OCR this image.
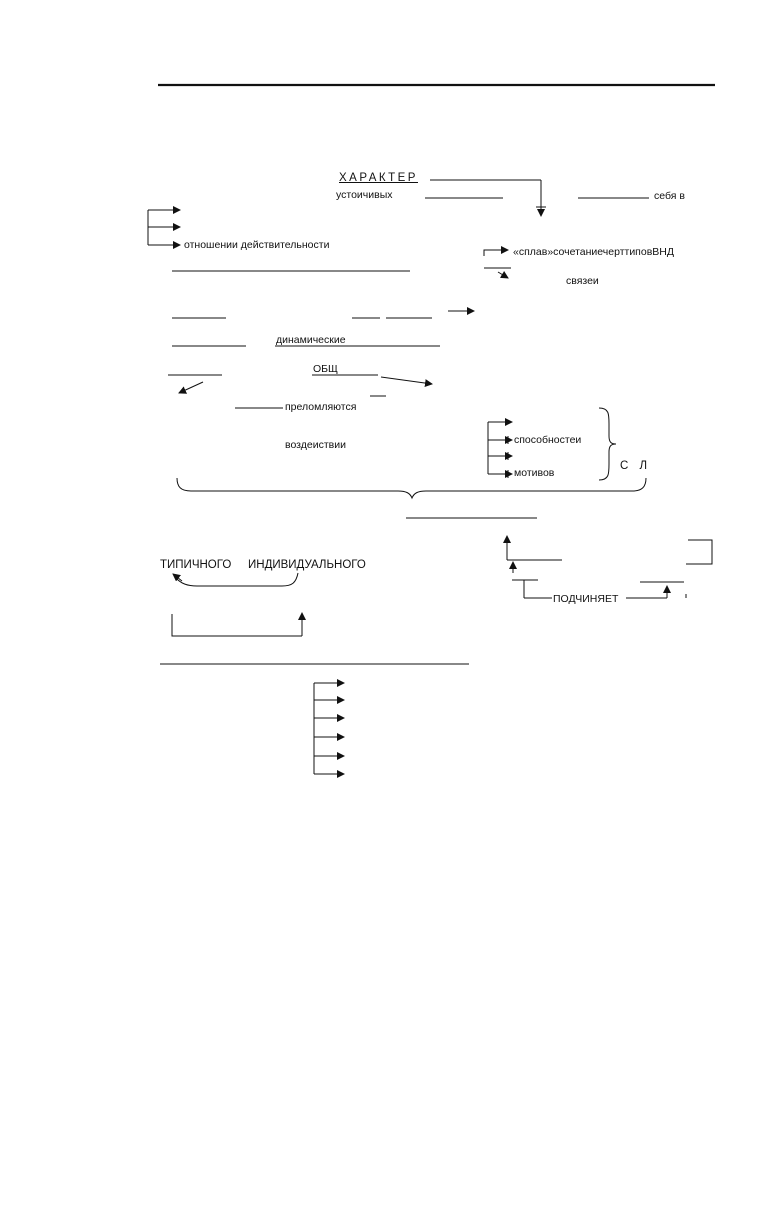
ХАРАКТЕР
устоичивых	себя в
отношении действительности
«сплав»сочетаниечерттиповВНД
связеи
динамические
ОБЩ
преломляются
воздеиствии	способностеи
мотивов
С Л
ТИПИЧНОГО ИНДИВИДУАЛЬНОГО
ПОДЧИНЯЕТ
